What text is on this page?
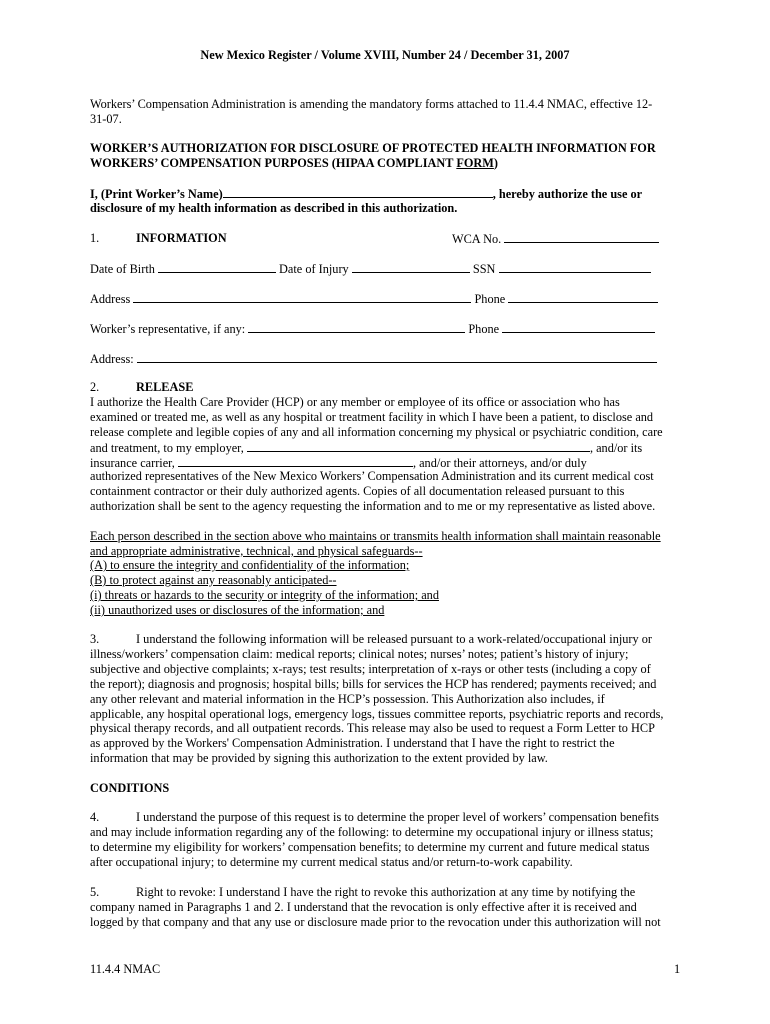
New Mexico Register / Volume XVIII, Number 24 / December 31, 2007
Workers’ Compensation Administration is amending the mandatory forms attached to 11.4.4 NMAC, effective 12-
31-07.
WORKER’S AUTHORIZATION FOR DISCLOSURE OF PROTECTED HEALTH INFORMATION FOR
WORKERS’ COMPENSATION PURPOSES (HIPAA COMPLIANT FORM)
I, (Print Worker’s Name)	, hereby authorize the use or
disclosure of my health information as described in this authorization.
1.	INFORMATION	WCA No.
Date of Birth	Date of Injury	SSN
Address	Phone
Worker’s representative, if any:	Phone
Address:
2.	RELEASE
I authorize the Health Care Provider (HCP) or any member or employee of its office or association who has
examined or treated me, as well as any hospital or treatment facility in which I have been a patient, to disclose and
release complete and legible copies of any and all information concerning my physical or psychiatric condition, care
and treatment, to my employer,	, and/or its
insurance carrier,	, and/or their attorneys, and/or duly
authorized representatives of the New Mexico Workers’ Compensation Administration and its current medical cost
containment contractor or their duly authorized agents. Copies of all documentation released pursuant to this
authorization shall be sent to the agency requesting the information and to me or my representative as listed above.
Each person described in the section above who maintains or transmits health information shall maintain reasonable
and appropriate administrative, technical, and physical safeguards--
(A) to ensure the integrity and confidentiality of the information;
(B) to protect against any reasonably anticipated--
(i) threats or hazards to the security or integrity of the information; and
(ii) unauthorized uses or disclosures of the information; and
3.	I understand the following information will be released pursuant to a work-related/occupational injury or
illness/workers’ compensation claim: medical reports; clinical notes; nurses’ notes; patient’s history of injury;
subjective and objective complaints; x-rays; test results; interpretation of x-rays or other tests (including a copy of
the report); diagnosis and prognosis; hospital bills; bills for services the HCP has rendered; payments received; and
any other relevant and material information in the HCP’s possession. This Authorization also includes, if
applicable, any hospital operational logs, emergency logs, tissues committee reports, psychiatric reports and records,
physical therapy records, and all outpatient records. This release may also be used to request a Form Letter to HCP
as approved by the Workers' Compensation Administration. I understand that I have the right to restrict the
information that may be provided by signing this authorization to the extent provided by law.
CONDITIONS
4.	I understand the purpose of this request is to determine the proper level of workers’ compensation benefits
and may include information regarding any of the following: to determine my occupational injury or illness status;
to determine my eligibility for workers’ compensation benefits; to determine my current and future medical status
after occupational injury; to determine my current medical status and/or return-to-work capability.
5.	Right to revoke: I understand I have the right to revoke this authorization at any time by notifying the
company named in Paragraphs 1 and 2. I understand that the revocation is only effective after it is received and
logged by that company and that any use or disclosure made prior to the revocation under this authorization will not
11.4.4 NMAC	1
